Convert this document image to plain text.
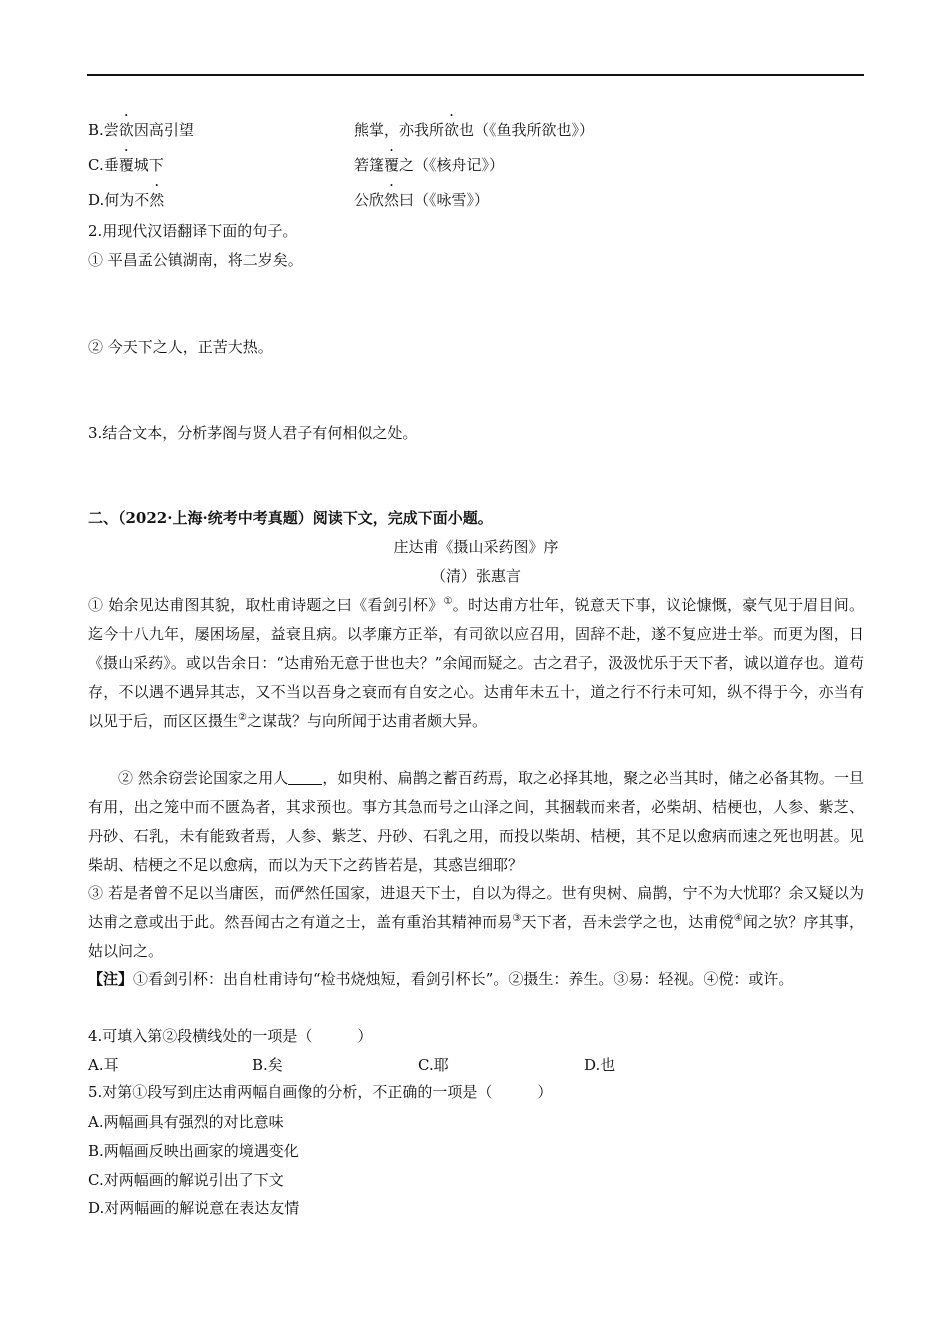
B.尝欲因高引望	熊掌，亦我所欲也（《鱼我所欲也》）
C.垂覆城下	箬篷覆之（《核舟记》）
D.何为不然	公欣然曰（《咏雪》）
2.用现代汉语翻译下面的句子。
① 平昌孟公镇湖南，将二岁矣。
② 今天下之人，正苦大热。
3.结合文本，分析茅阁与贤人君子有何相似之处。
二、（2022·上海·统考中考真题）阅读下文，完成下面小题。
庄达甫《摄山采药图》序
（清）张惠言
① 始余见达甫图其貌，取杜甫诗题之曰《看剑引杯》①。时达甫方壮年，锐意天下事，议论慷慨，豪气见于眉目间。迄今十八九年，屡困场屋，益衰且病。以孝廉方正举，有司欲以应召用，固辞不赴，遂不复应进士举。而更为图，日《摄山采药》。或以告余日：“达甫殆无意于世也夫？”余闻而疑之。古之君子，汲汲忧乐于天下者，诚以道存也。道苟存，不以遇不遇异其志，又不当以吾身之衰而有自安之心。达甫年未五十，道之行不行未可知，纵不得于今，亦当有以见于后，而区区摄生②之谋哉？与向所闻于达甫者颇大异。
② 然余窃尝论国家之用人 ，如臾柎、扁鹊之蓄百药焉，取之必择其地，聚之必当其时，储之必备其物。一旦有用，出之笼中而不匮為者，其求预也。事方其急而号之山泽之间，其捆载而来者，必柴胡、桔梗也，人参、紫芝、丹砂、石乳，未有能致者焉，人参、紫芝、丹砂、石乳之用，而投以柴胡、桔梗，其不足以愈病而速之死也明甚。见柴胡、桔梗之不足以愈病，而以为天下之药皆若是，其惑岂细耶？
③ 若是者曾不足以当庸医，而俨然任国家，进退天下士，自以为得之。世有臾树、扁鹊，宁不为大忧耶？余又疑以为达甫之意或出于此。然吾闻古之有道之士，盖有重治其精神而易③天下者，吾未尝学之也，达甫傥④闻之欤？序其事，姑以问之。
【注】①看剑引杯：出自杜甫诗句“检书烧烛短，看剑引杯长”。②摄生：养生。③易：轻视。④傥：或许。
4.可填入第②段横线处的一项是（　　　）
A.耳	B.矣	C.耶	D.也
5.对第①段写到庄达甫两幅自画像的分析，不正确的一项是（　　　）
A.两幅画具有强烈的对比意味
B.两幅画反映出画家的境遇变化
C.对两幅画的解说引出了下文
D.对两幅画的解说意在表达友情
